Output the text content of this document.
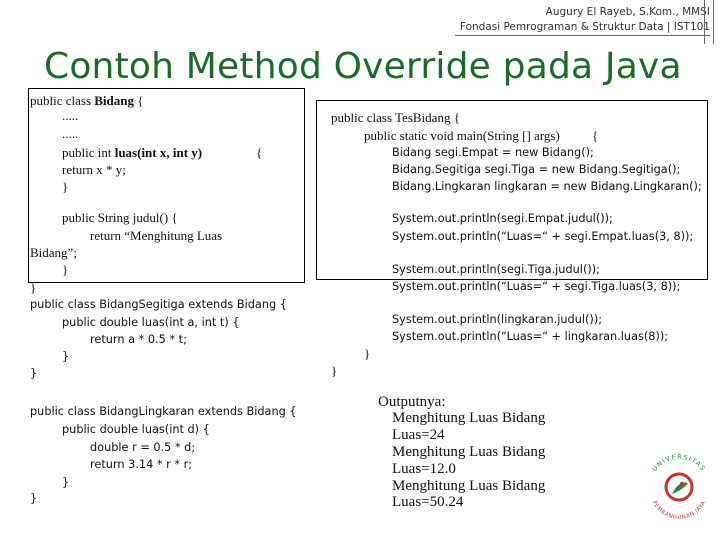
Augury El Rayeb, S.Kom., MMSI
Fondasi Pemrograman & Struktur Data | IST101
Contoh Method Override pada Java
public class Bidang {
.....
.....
public int luas(int x, int y)	{
return x * y;
}
public String judul() {
return “Menghitung Luas
Bidang”;
}
}
public class BidangSegitiga extends Bidang {
public double luas(int a, int t) {
return a * 0.5 * t;
}
}
public class BidangLingkaran extends Bidang {
public double luas(int d) {
double r = 0.5 * d;
return 3.14 * r * r;
}
}
public class TesBidang {
public static void main(String [] args) {
Bidang segi.Empat = new Bidang();
Bidang.Segitiga segi.Tiga = new Bidang.Segitiga();
Bidang.Lingkaran lingkaran = new Bidang.Lingkaran();
System.out.println(segi.Empat.judul());
System.out.println(“Luas=“ + segi.Empat.luas(3, 8));
System.out.println(segi.Tiga.judul());
System.out.println(“Luas=“ + segi.Tiga.luas(3, 8));
System.out.println(lingkaran.judul());
System.out.println(“Luas=“ + lingkaran.luas(8));
}
}
Outputnya:
Menghitung Luas Bidang
Luas=24
Menghitung Luas Bidang
Luas=12.0
Menghitung Luas Bidang
Luas=50.24
UNIVERSITAS
PEMBANGUNAN JAYA
